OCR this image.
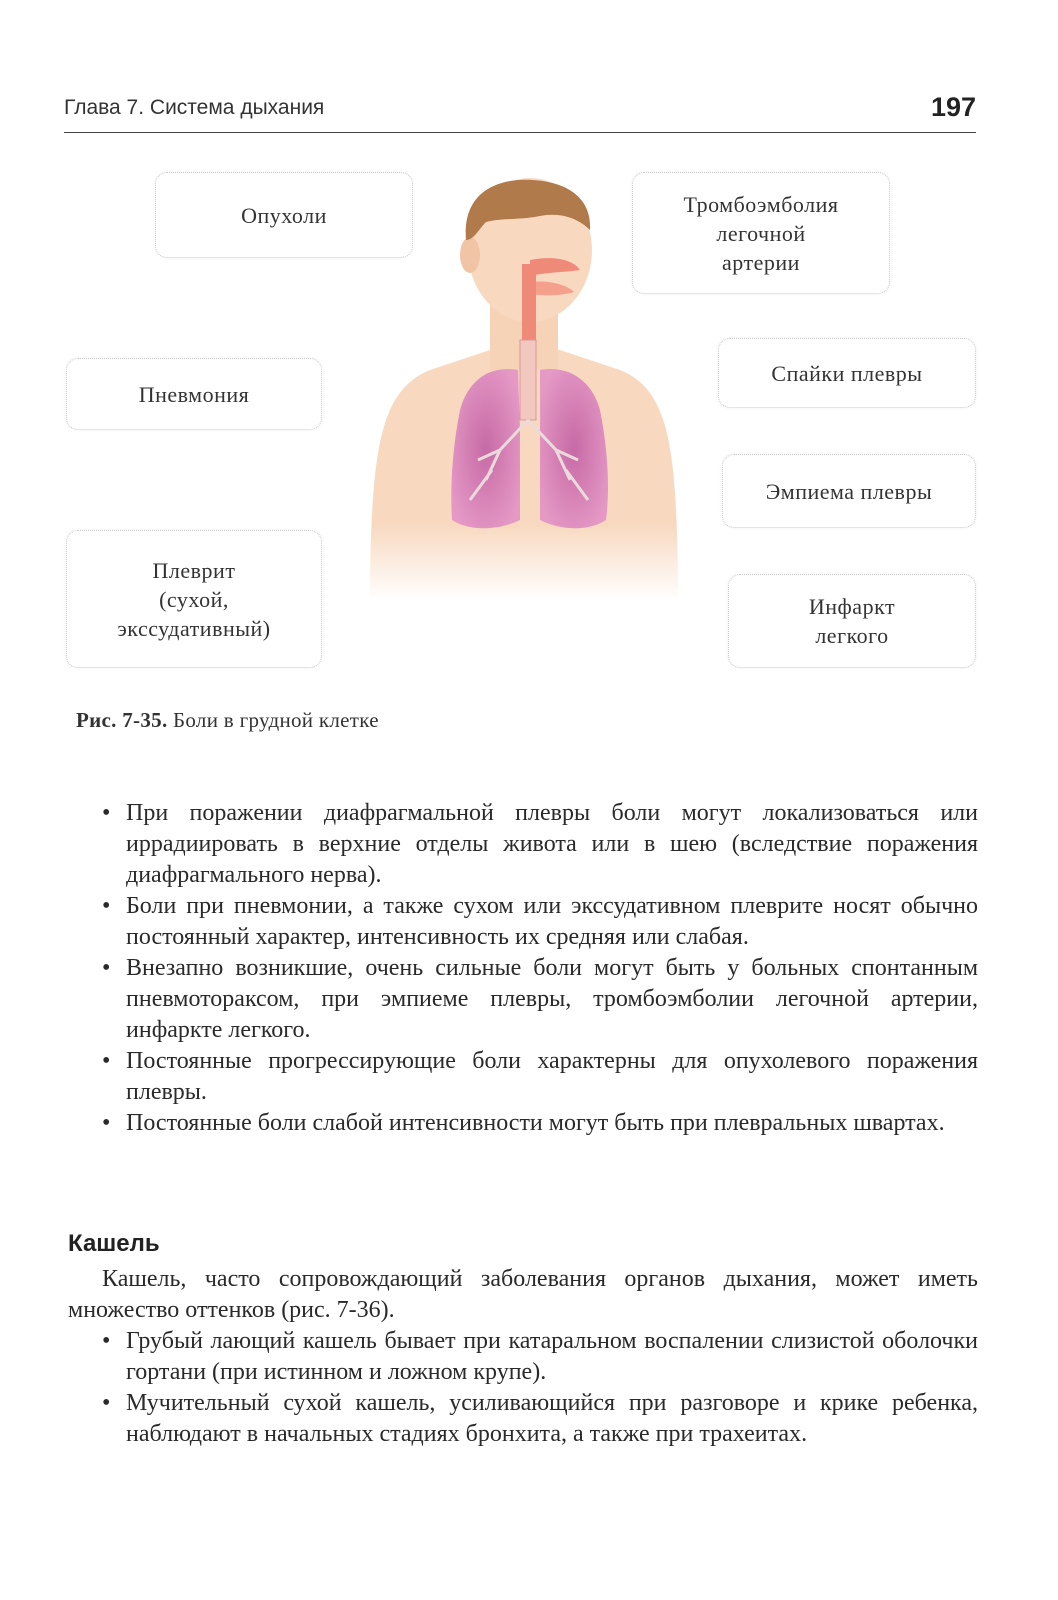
Глава 7. Система дыхания	197
Опухоли
Пневмония
Плеврит
(сухой,
экссудативный)
Тромбоэмболия
легочной
артерии
Спайки плевры
Эмпиема плевры
Инфаркт
легкого
Рис. 7-35. Боли в грудной клетке
• При поражении диафрагмальной плевры боли могут локализоваться или иррадиировать в верхние отделы живота или в шею (вследствие поражения диафрагмального нерва).
• Боли при пневмонии, а также сухом или экссудативном плеврите носят обычно постоянный характер, интенсивность их средняя или слабая.
• Внезапно возникшие, очень сильные боли могут быть у больных спонтанным пневмотораксом, при эмпиеме плевры, тромбоэмболии легочной артерии, инфаркте легкого.
• Постоянные прогрессирующие боли характерны для опухолевого поражения плевры.
• Постоянные боли слабой интенсивности могут быть при плевральных швартах.
Кашель

Кашель, часто сопровождающий заболевания органов дыхания, может иметь множество оттенков (рис. 7-36).

• Грубый лающий кашель бывает при катаральном воспалении слизистой оболочки гортани (при истинном и ложном крупе).
• Мучительный сухой кашель, усиливающийся при разговоре и крике ребенка, наблюдают в начальных стадиях бронхита, а также при трахеитах.
